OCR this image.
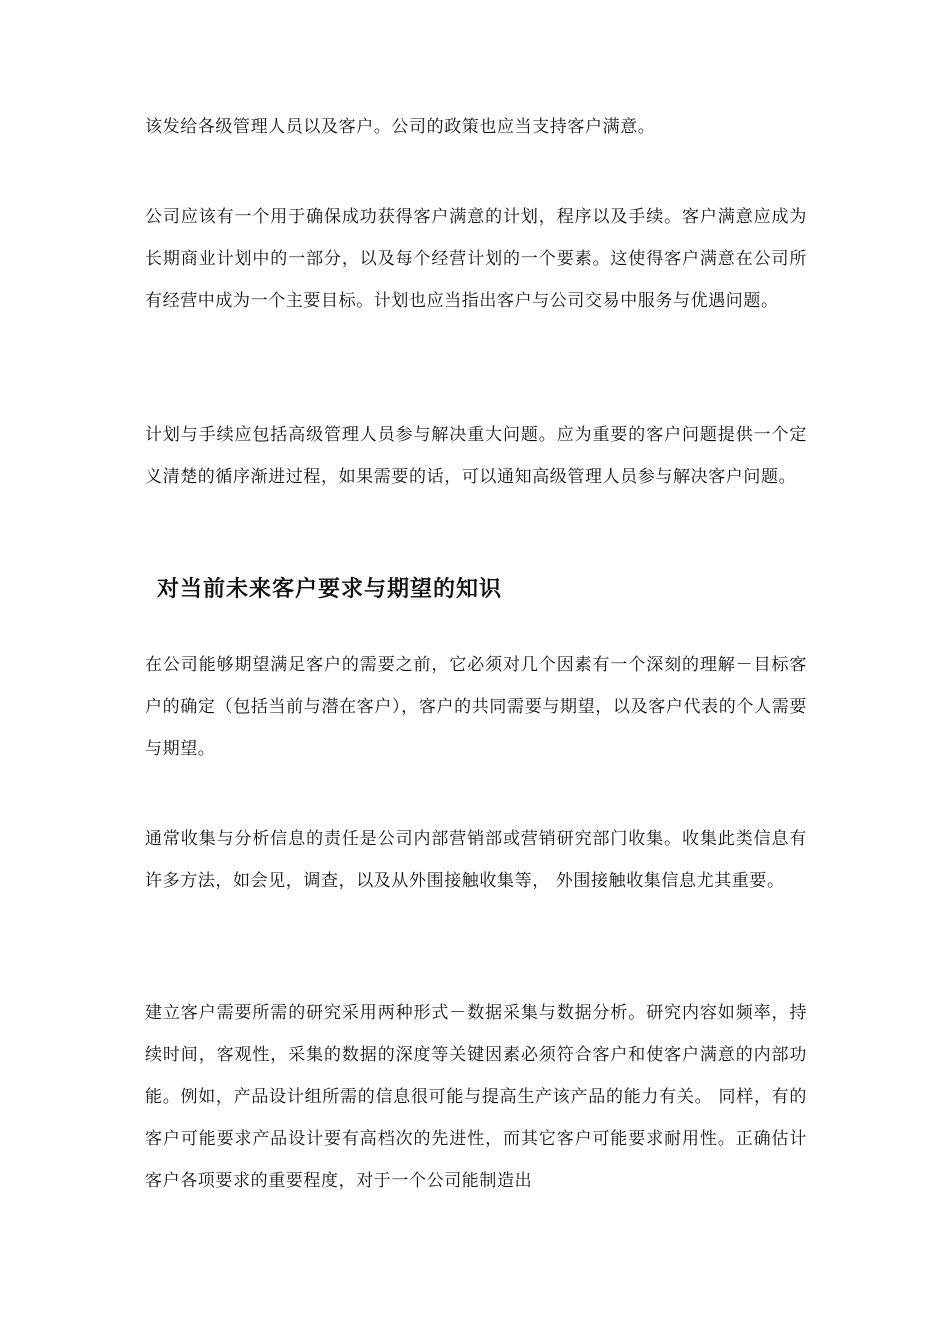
该发给各级管理人员以及客户。公司的政策也应当支持客户满意。

公司应该有一个用于确保成功获得客户满意的计划，程序以及手续。客户满意应成为长期商业计划中的一部分，以及每个经营计划的一个要素。这使得客户满意在公司所有经营中成为一个主要目标。计划也应当指出客户与公司交易中服务与优遇问题。

计划与手续应包括高级管理人员参与解决重大问题。应为重要的客户问题提供一个定义清楚的循序渐进过程，如果需要的话，可以通知高级管理人员参与解决客户问题。

对当前未来客户要求与期望的知识

在公司能够期望满足客户的需要之前，它必须对几个因素有一个深刻的理解－目标客户的确定（包括当前与潜在客户），客户的共同需要与期望，以及客户代表的个人需要与期望。

通常收集与分析信息的责任是公司内部营销部或营销研究部门收集。收集此类信息有许多方法，如会见，调查，以及从外围接触收集等， 外围接触收集信息尤其重要。

建立客户需要所需的研究采用两种形式－数据采集与数据分析。研究内容如频率，持续时间，客观性，采集的数据的深度等关键因素必须符合客户和使客户满意的内部功能。例如，产品设计组所需的信息很可能与提高生产该产品的能力有关。 同样，有的客户可能要求产品设计要有高档次的先进性，而其它客户可能要求耐用性。正确估计客户各项要求的重要程度，对于一个公司能制造出
